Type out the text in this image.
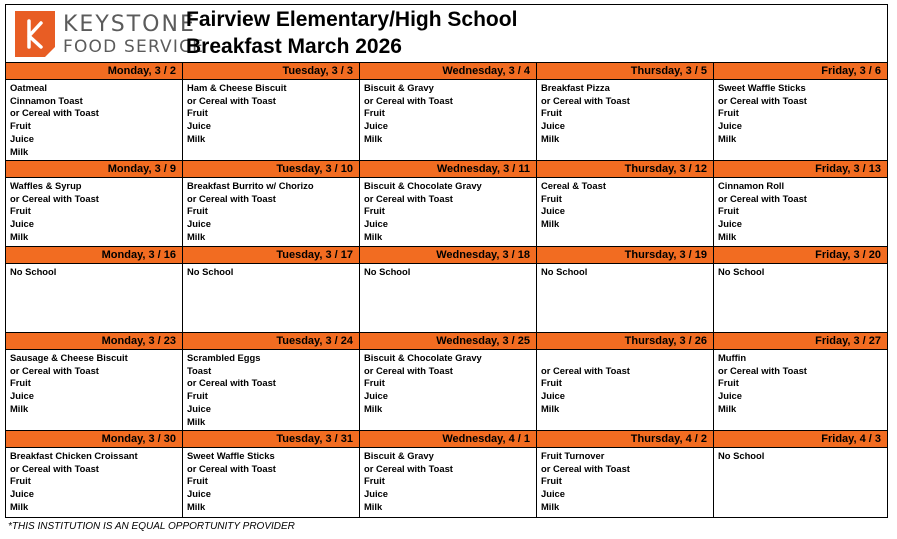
KEYSTONE
FOOD SERVICE
Fairview Elementary/High School
Breakfast March 2026
Monday, 3 / 2
Oatmeal
Cinnamon Toast
or Cereal with Toast
Fruit
Juice
Milk
Tuesday, 3 / 3
Ham & Cheese Biscuit
or Cereal with Toast
Fruit
Juice
Milk
Wednesday, 3 / 4
Biscuit & Gravy
or Cereal with Toast
Fruit
Juice
Milk
Thursday, 3 / 5
Breakfast Pizza
or Cereal with Toast
Fruit
Juice
Milk
Friday, 3 / 6
Sweet Waffle Sticks
or Cereal with Toast
Fruit
Juice
Milk
Monday, 3 / 9
Waffles & Syrup
or Cereal with Toast
Fruit
Juice
Milk
Tuesday, 3 / 10
Breakfast Burrito w/ Chorizo
or Cereal with Toast
Fruit
Juice
Milk
Wednesday, 3 / 11
Biscuit & Chocolate Gravy
or Cereal with Toast
Fruit
Juice
Milk
Thursday, 3 / 12
Cereal & Toast
Fruit
Juice
Milk
Friday, 3 / 13
Cinnamon Roll
or Cereal with Toast
Fruit
Juice
Milk
Monday, 3 / 16
No School
Tuesday, 3 / 17
No School
Wednesday, 3 / 18
No School
Thursday, 3 / 19
No School
Friday, 3 / 20
No School
Monday, 3 / 23
Sausage & Cheese Biscuit
or Cereal with Toast
Fruit
Juice
Milk
Tuesday, 3 / 24
Scrambled Eggs
Toast
or Cereal with Toast
Fruit
Juice
Milk
Wednesday, 3 / 25
Biscuit & Chocolate Gravy
or Cereal with Toast
Fruit
Juice
Milk
Thursday, 3 / 26

or Cereal with Toast
Fruit
Juice
Milk
Friday, 3 / 27
Muffin
or Cereal with Toast
Fruit
Juice
Milk
Monday, 3 / 30
Breakfast Chicken Croissant
or Cereal with Toast
Fruit
Juice
Milk
Tuesday, 3 / 31
Sweet Waffle Sticks
or Cereal with Toast
Fruit
Juice
Milk
Wednesday, 4 / 1
Biscuit & Gravy
or Cereal with Toast
Fruit
Juice
Milk
Thursday, 4 / 2
Fruit Turnover
or Cereal with Toast
Fruit
Juice
Milk
Friday, 4 / 3
No School
*THIS INSTITUTION IS AN EQUAL OPPORTUNITY PROVIDER
